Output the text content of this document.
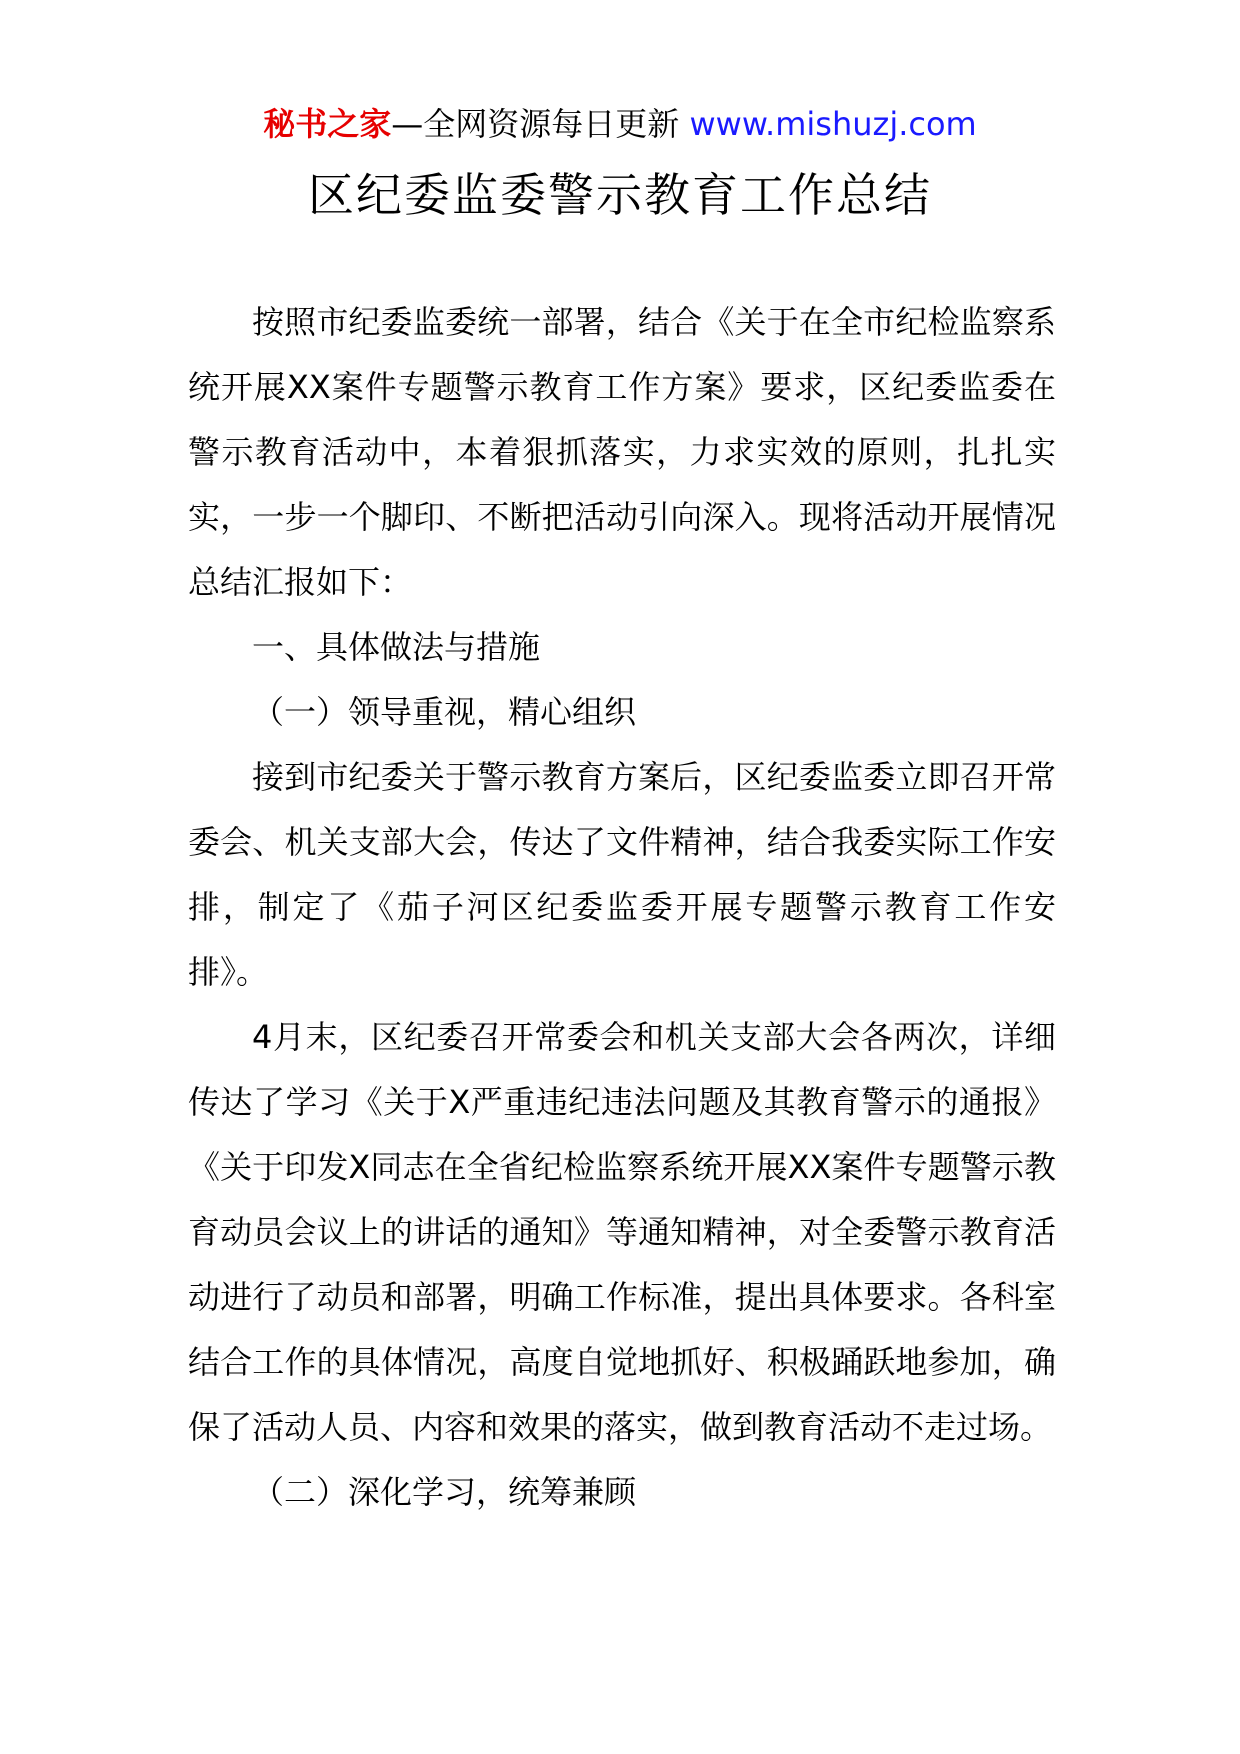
秘书之家—全网资源每日更新 www.mishuzj.com
区纪委监委警示教育工作总结

按照市纪委监委统一部署，结合《关于在全市纪检监察系统开展XX案件专题警示教育工作方案》要求，区纪委监委在警示教育活动中，本着狠抓落实，力求实效的原则，扎扎实实，一步一个脚印、不断把活动引向深入。现将活动开展情况总结汇报如下：

一、具体做法与措施

（一）领导重视，精心组织

接到市纪委关于警示教育方案后，区纪委监委立即召开常委会、机关支部大会，传达了文件精神，结合我委实际工作安排，制定了《茄子河区纪委监委开展专题警示教育工作安排》。

4月末，区纪委召开常委会和机关支部大会各两次，详细传达了学习《关于X严重违纪违法问题及其教育警示的通报》《关于印发X同志在全省纪检监察系统开展XX案件专题警示教育动员会议上的讲话的通知》等通知精神，对全委警示教育活动进行了动员和部署，明确工作标准，提出具体要求。各科室结合工作的具体情况，高度自觉地抓好、积极踊跃地参加，确保了活动人员、内容和效果的落实，做到教育活动不走过场。

（二）深化学习，统筹兼顾
